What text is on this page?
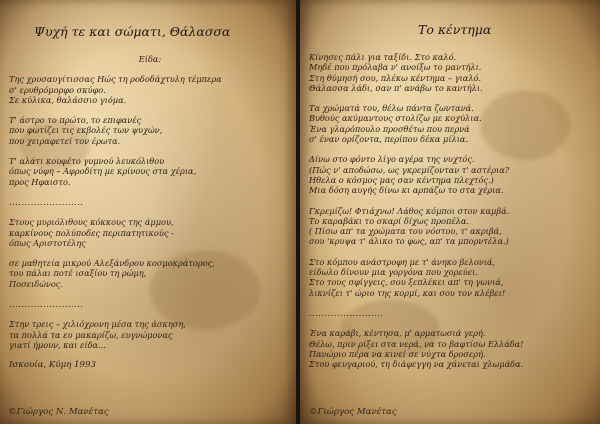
Ψυχή τε και σώματι, Θάλασσα
Είδα:
Της χρυσαυγίτισσας Ηώς τη ροδοδάχτυλη τέμπερα
σ' ερυθρόμορφο σκύφο.
Σε κύλικα, θαλάσσιο γιόμα.
Τ' άστρο το πρώτο, το επιφανές
που φωτίζει τις εκβολές των ψυχών,
που χειραφετεί τον έρωτα.
Τ' αλάτι κουφέτο γυμνού λευκόλιθου
όπως νύφη – Αφροδίτη με κρίνους στα χέρια,
προς Ηφαιστο.
........................
Στους μυριόλιθους κόκκους της άμμου,
καρκίνους πολύποδες περιπατητικούς -
όπως Αριστοτέλης
σε μαθητεία μικρού Αλεξάνδρου κοσμοκράτορος,
του πάλαι ποτέ ισαξίου τη ρώμη,
Ποσειδώνος.
........................
Στην τρεις – χιλιόχρονη μέσα της άσκηση,
τα πολλά τα ευ μακαρίζω, ευγνώμονας
γιατί ήμουν, και είδα...
Ισκουία, Κύμη 1993
©Γιώργος Ν. Μανέτας
Το κέντημα
Κίνησες πάλι για ταξίδι. Στο καλό.
Μηδέ που πρόλαβα ν' ανοίξω το μαντήλι.
Στη θύμησή σου, πλέκω κέντημα – γιαλό.
Θάλασσα λάδι, σαν π' ανάβω το καντήλι.
Τα χρώματά του, θέλω πάντα ζωντανά.
Βυθούς ακύμαντους στολίζω με κοχύλια.
Ένα γλαρόπουλο προσθέτω που περνά
σ' έναν ορίζοντα, περίπου δέκα μίλια.
Δίνω στο φόντο λίγο αγέρα της νυχτός.
(Πώς ν' αποδώσω, ως γκρεμίζονταν τ' αστέρια?
Ηθελα ο κόσμος μας σαν κέντημα πλεχτός.)
Μια δόση αυγής δίνω κι αρπάζω το στα χέρια.
Γκρεμίζω! Φτιάχνω! Λάθος κόμποι στον καμβά.
Το καραβάκι το σκαρί δίχως προπέλα.
( Πίσω απ' τα χρώματα του νόστου, τ' ακριβά,
σου 'κρυψα τ' άλικο το φως, απ' τα μπορντέλα.)
Στο κόμπου ανάστροφη με τ' άνηκο βελονιά,
είδωλο δίνουν μια γοργόνα που χορεύει.
Στο τους σφίγγεις, σου ξεπλέκει απ' τη γωνιά,
λικνίζει τ' ώριο της κορμί, και σου τον κλέβει!
........................
Ένα καράβι, κέντησα, μ' αρματωσιά γερή.
Θέλω, πριν ρίξει στα νερά, να το βαφτίσω Ελλάδα!
Πανώριο πέρα να κινεί σε νύχτα δροσερή.
Στου φευγαριού, τη διάφεγγη να χάνεται χλωμάδα.
©Γιώργος Μανέτας
